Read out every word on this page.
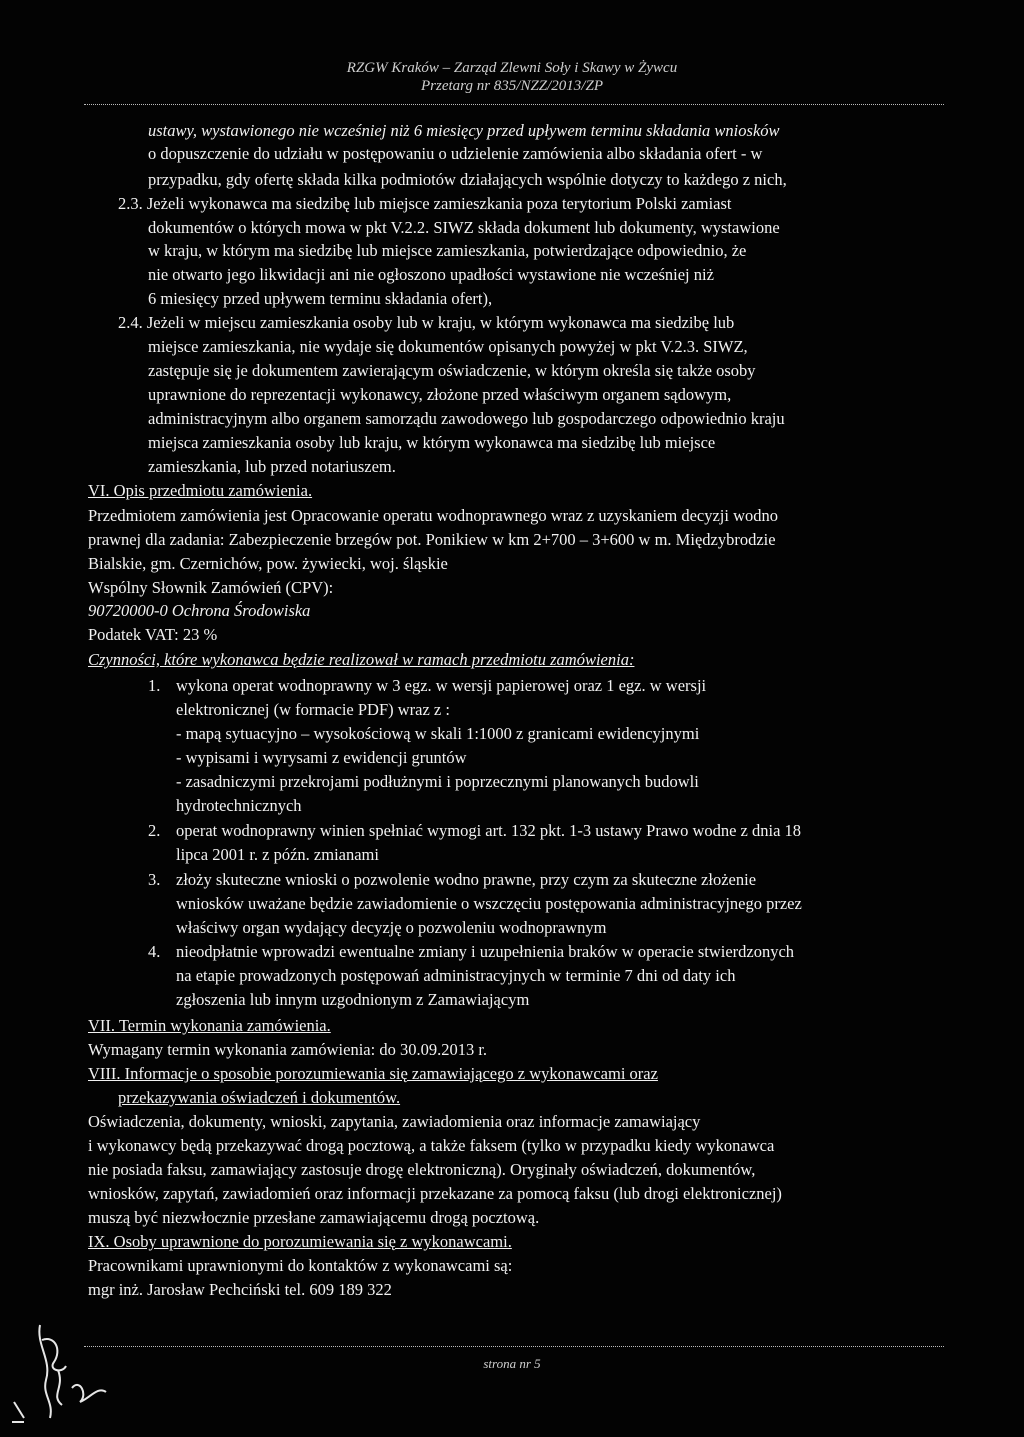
RZGW Kraków – Zarząd Zlewni Soły i Skawy w Żywcu
Przetarg nr 835/NZZ/2013/ZP
ustawy, wystawionego nie wcześniej niż 6 miesięcy przed upływem terminu składania wniosków
o dopuszczenie do udziału w postępowaniu o udzielenie zamówienia albo składania ofert - w
przypadku, gdy ofertę składa kilka podmiotów działających wspólnie dotyczy to każdego z nich,
2.3. Jeżeli wykonawca ma siedzibę lub miejsce zamieszkania poza terytorium Polski zamiast
dokumentów o których mowa w pkt V.2.2. SIWZ składa dokument lub dokumenty, wystawione
w kraju, w którym ma siedzibę lub miejsce zamieszkania, potwierdzające odpowiednio, że
nie otwarto jego likwidacji ani nie ogłoszono upadłości wystawione nie wcześniej niż
6 miesięcy przed upływem terminu składania ofert),
2.4. Jeżeli w miejscu zamieszkania osoby lub w kraju, w którym wykonawca ma siedzibę lub
miejsce zamieszkania, nie wydaje się dokumentów opisanych powyżej w pkt V.2.3. SIWZ,
zastępuje się je dokumentem zawierającym oświadczenie, w którym określa się także osoby
uprawnione do reprezentacji wykonawcy, złożone przed właściwym organem sądowym,
administracyjnym albo organem samorządu zawodowego lub gospodarczego odpowiednio kraju
miejsca zamieszkania osoby lub kraju, w którym wykonawca ma siedzibę lub miejsce
zamieszkania, lub przed notariuszem.
VI. Opis przedmiotu zamówienia.
Przedmiotem zamówienia jest Opracowanie operatu wodnoprawnego wraz z uzyskaniem decyzji wodno
prawnej dla zadania: Zabezpieczenie brzegów pot. Ponikiew w km 2+700 – 3+600 w m. Międzybrodzie
Bialskie, gm. Czernichów, pow. żywiecki, woj. śląskie
Wspólny Słownik Zamówień (CPV):
90720000-0 Ochrona Środowiska
Podatek VAT: 23 %
Czynności, które wykonawca będzie realizował w ramach przedmiotu zamówienia:
1. wykona operat wodnoprawny w 3 egz. w wersji papierowej oraz 1 egz. w wersji
elektronicznej (w formacie PDF) wraz z :
- mapą sytuacyjno – wysokościową w skali 1:1000 z granicami ewidencyjnymi
- wypisami i wyrysami z ewidencji gruntów
- zasadniczymi przekrojami podłużnymi i poprzecznymi planowanych budowli
hydrotechnicznych
2. operat wodnoprawny winien spełniać wymogi art. 132 pkt. 1-3 ustawy Prawo wodne z dnia 18
lipca 2001 r. z późn. zmianami
3. złoży skuteczne wnioski o pozwolenie wodno prawne, przy czym za skuteczne złożenie
wniosków uważane będzie zawiadomienie o wszczęciu postępowania administracyjnego przez
właściwy organ wydający decyzję o pozwoleniu wodnoprawnym
4. nieodpłatnie wprowadzi ewentualne zmiany i uzupełnienia braków w operacie stwierdzonych
na etapie prowadzonych postępowań administracyjnych w terminie 7 dni od daty ich
zgłoszenia lub innym uzgodnionym z Zamawiającym
VII. Termin wykonania zamówienia.
Wymagany termin wykonania zamówienia: do 30.09.2013 r.
VIII. Informacje o sposobie porozumiewania się zamawiającego z wykonawcami oraz
przekazywania oświadczeń i dokumentów.
Oświadczenia, dokumenty, wnioski, zapytania, zawiadomienia oraz informacje zamawiający
i wykonawcy będą przekazywać drogą pocztową, a także faksem (tylko w przypadku kiedy wykonawca
nie posiada faksu, zamawiający zastosuje drogę elektroniczną). Oryginały oświadczeń, dokumentów,
wniosków, zapytań, zawiadomień oraz informacji przekazane za pomocą faksu (lub drogi elektronicznej)
muszą być niezwłocznie przesłane zamawiającemu drogą pocztową.
IX. Osoby uprawnione do porozumiewania się z wykonawcami.
Pracownikami uprawnionymi do kontaktów z wykonawcami są:
mgr inż. Jarosław Pechciński tel. 609 189 322
strona nr 5
